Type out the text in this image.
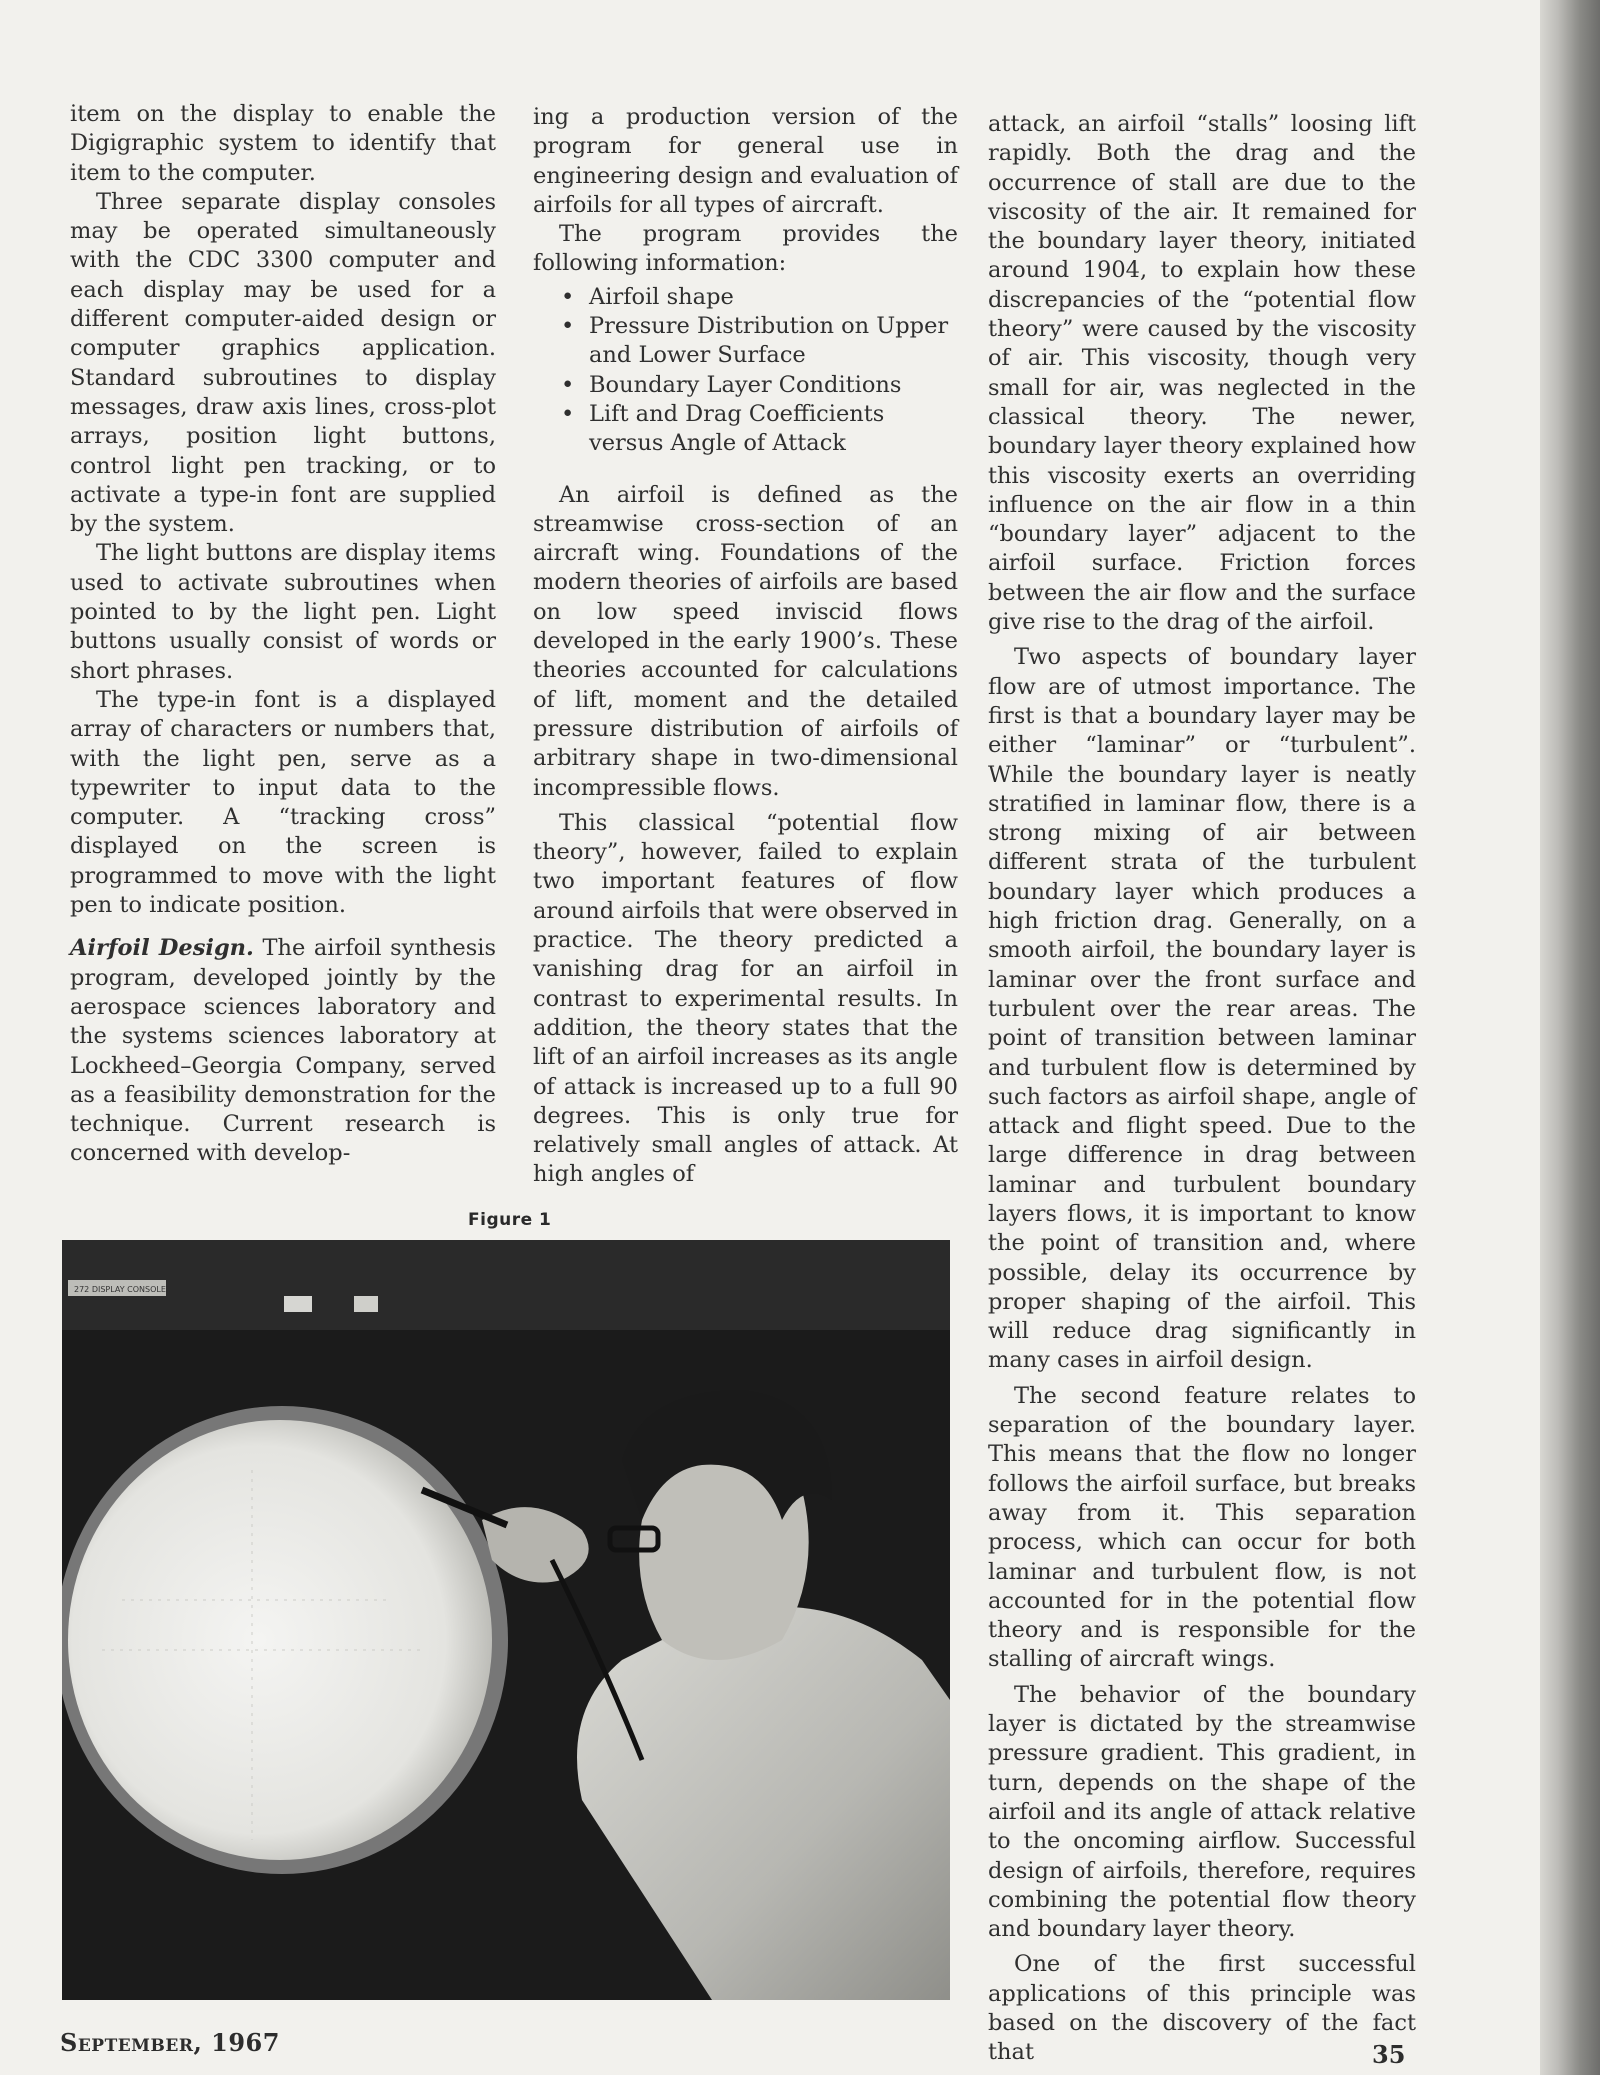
item on the display to enable the Digigraphic system to identify that item to the computer.

Three separate display consoles may be operated simultaneously with the CDC 3300 computer and each display may be used for a different computer-aided design or computer graphics application. Standard subroutines to display messages, draw axis lines, cross-plot arrays, position light buttons, control light pen tracking, or to activate a type-in font are supplied by the system.

The light buttons are display items used to activate subroutines when pointed to by the light pen. Light buttons usually consist of words or short phrases.

The type-in font is a displayed array of characters or numbers that, with the light pen, serve as a typewriter to input data to the computer. A “tracking cross” displayed on the screen is programmed to move with the light pen to indicate position.

Airfoil Design. The airfoil synthesis program, developed jointly by the aerospace sciences laboratory and the systems sciences laboratory at Lockheed–Georgia Company, served as a feasibility demonstration for the technique. Current research is concerned with develop-

ing a production version of the program for general use in engineering design and evaluation of airfoils for all types of aircraft.

The program provides the following information:

• Airfoil shape
• Pressure Distribution on Upper and Lower Surface
• Boundary Layer Conditions
• Lift and Drag Coefficients versus Angle of Attack

An airfoil is defined as the streamwise cross-section of an aircraft wing. Foundations of the modern theories of airfoils are based on low speed inviscid flows developed in the early 1900’s. These theories accounted for calculations of lift, moment and the detailed pressure distribution of airfoils of arbitrary shape in two-dimensional incompressible flows.

This classical “potential flow theory”, however, failed to explain two important features of flow around airfoils that were observed in practice. The theory predicted a vanishing drag for an airfoil in contrast to experimental results. In addition, the theory states that the lift of an airfoil increases as its angle of attack is increased up to a full 90 degrees. This is only true for relatively small angles of attack. At high angles of

attack, an airfoil “stalls” loosing lift rapidly. Both the drag and the occurrence of stall are due to the viscosity of the air. It remained for the boundary layer theory, initiated around 1904, to explain how these discrepancies of the “potential flow theory” were caused by the viscosity of air. This viscosity, though very small for air, was neglected in the classical theory. The newer, boundary layer theory explained how this viscosity exerts an overriding influence on the air flow in a thin “boundary layer” adjacent to the airfoil surface. Friction forces between the air flow and the surface give rise to the drag of the airfoil.

Two aspects of boundary layer flow are of utmost importance. The first is that a boundary layer may be either “laminar” or “turbulent”. While the boundary layer is neatly stratified in laminar flow, there is a strong mixing of air between different strata of the turbulent boundary layer which produces a high friction drag. Generally, on a smooth airfoil, the boundary layer is laminar over the front surface and turbulent over the rear areas. The point of transition between laminar and turbulent flow is determined by such factors as airfoil shape, angle of attack and flight speed. Due to the large difference in drag between laminar and turbulent boundary layers flows, it is important to know the point of transition and, where possible, delay its occurrence by proper shaping of the airfoil. This will reduce drag significantly in many cases in airfoil design.

The second feature relates to separation of the boundary layer. This means that the flow no longer follows the airfoil surface, but breaks away from it. This separation process, which can occur for both laminar and turbulent flow, is not accounted for in the potential flow theory and is responsible for the stalling of aircraft wings.

The behavior of the boundary layer is dictated by the streamwise pressure gradient. This gradient, in turn, depends on the shape of the airfoil and its angle of attack relative to the oncoming airflow. Successful design of airfoils, therefore, requires combining the potential flow theory and boundary layer theory.

One of the first successful applications of this principle was based on the discovery of the fact that

Figure 1
272 DISPLAY CONSOLE
September, 1967	35
